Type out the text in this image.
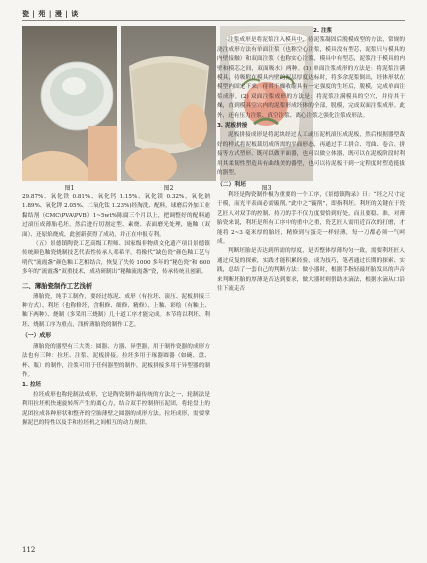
瓷 | 苑 | 漫 | 谈
图1	图2	图3

29.87%、氧化铁 0.81%、氧化钙 1.15%、氧化镁 0.32%、氧化钠 1.89%、氧化钾 2.05%、二氧化钛 1.23%)经淘洗、配料，球磨后外加工业黏结剂（CMC\PVA\PVB）1~5wt%陈腐三个月以上，把调整好的配料通过滚压成薄胎毛坯，然后进行切割定型、素烧、表面磨光处理，施釉（双面）、还原焰烧成，此创新获得了成功，并正在申报专利。

（五）景德镇陶瓷工艺高级工程师、国家级非物质文化遗产项目景德镇传统颜色釉瓷烧制技艺代表性传承人邓希平，将像代“缺色瓷”颜色釉工艺与明代“流霞盏”颜色釉工艺相结合，恢复了失传 1000 多年的“秘色瓷”和 600 多年的“流霞盏”双重技术，成功研制出“秘釉流霞盏”瓷，传承传统且创新。

二、薄胎瓷制作工艺浅析

薄胎瓷，纯手工制作，要经过练泥、成形（有拉坯、滚压、泥板拼接三种方式）、利坯（也称修坯，含粗修、细修、精修）、上釉、彩绘（有釉上、釉下两种）、烧制（多采用三烧制）几十道工序才能完成。本节将以利坯、利坯、烧制工序为重点，浅析薄胎瓷的制作工艺。

（一）成形

薄胎瓷的器型有三大类：圆器、方器、异型器，用于制作瓷器的成形方法也有三种：拉坯、注浆、泥板拼接。拉坯多用于琢器圆器（如碗、盘、杯、瓶）的制作，注浆可用于任何器型的制作，泥板拼接多用于异型器的制作。

1. 拉坯

拉坯成形也称轮制法成形，它是陶瓷制作最传统的方法之一，轮制法是利用拉坯机快速旋转所产生的离心力，结合双手控制挤压泥团，将轮盘上的泥团拉成各种形状和整齐的空胎薄壁之圆器的成形方法。拉坯成形，需要掌握泥巴的特性以及手和拉坯机之间相互的动力规律。

2. 注浆

注浆成形是将泥浆注入模具中，待泥浆凝固后脱模成型的方法，常规的浇注成形方法有单面注浆（也称空心注浆，模具没有型芯，泥浆只与模具的内壁接触）和双面注浆（也称实心注浆，模具中有型芯，泥浆注于模具的内壁和模芯之间，双面吸水）两种。(1) 单面注浆成形的方法是：将泥浆注满模具，待吸附在模具内壁的泥层厚度达标时，将多余泥浆倒出，坯体形状在模型内固定下来，待其干燥收缩具有一定强度的生坯后，脱模，完成单面注浆成形。(2) 双面注浆成形的方法是：将泥浆注满模具的空穴，并待其干燥，直到模具空穴内的泥浆形成坯体的全部，脱模，完成双面注浆成形。此外，还有压力注浆、真空注浆、离心注浆之强化注浆成形法。

3. 泥板拼接

泥板拼接成形是将泥块经过人工或压泥机滚压成泥板，然后根据器型裁好的样式将泥板裁切成所需的平面形态，再通过手工拼合、弯曲、卷合、拼接等方式塑形，既可以做平面器，也可以做立体器，既可以在泥板阶段时利用其柔韧性塑造具有曲线美的器型，也可以待泥板干到一定程度时塑造挺拔的器型。

（二）利坯

利坯是陶瓷制作极为重要的一个工序，《景德镇陶录》曰：“坯之尺寸定于模，而光平表面必需镟削。”此中之“镟削”，即指利坯。利坯的关键在于瓷艺匠人对双手的控制、持刀的手不仅力度要恰到好处，而且要稳、准，对薄胎瓷来说，利坯是所有工序中的重中之重，瓷艺匠人需用近百次的打磨，才能将 2~3 毫米厚的胎坯，精修到与蛋壳一样轻薄，每一刀都必须一气呵成。

判断坯胎是否达到所需的厚度，是否整体厚薄均匀一致，需要利坯匠人通过反复的探索，实践才能积累经验，成为技巧，笔者通过长期的探索、实践，总结了一套自己的判断方法：做小器时，根据手指轻敲坯胎发出的声音来判断坯胎的厚薄是否达到要求，做大器时则借助水滴法，根据水滴从口沿往下流走否

112
